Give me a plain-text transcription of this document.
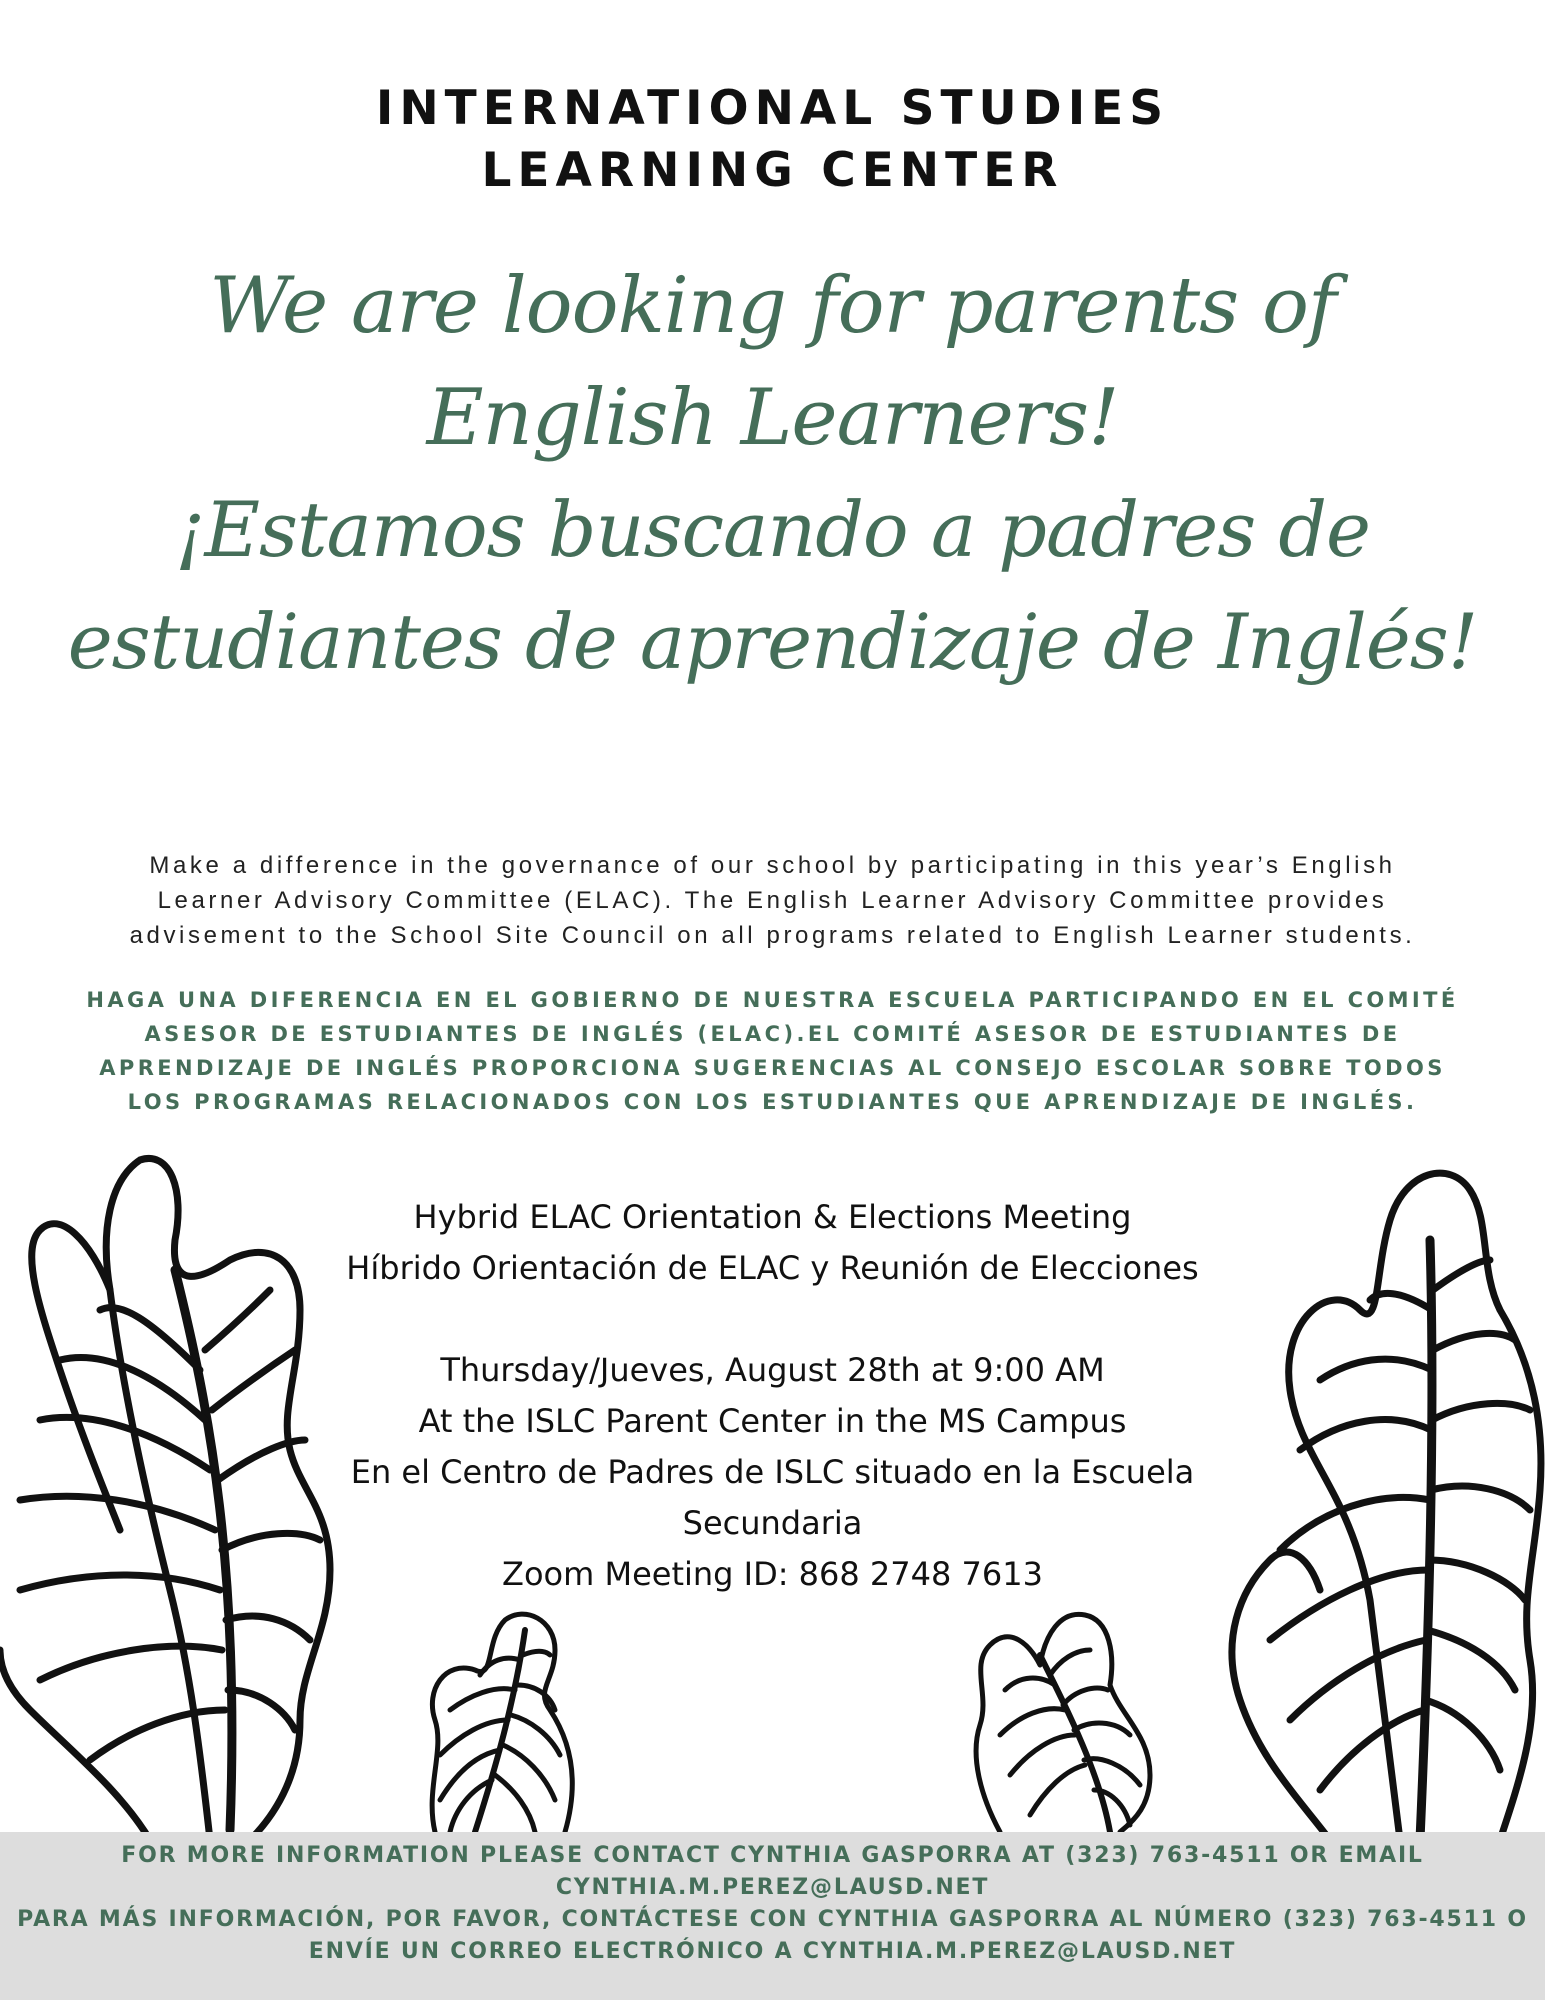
INTERNATIONAL STUDIES
LEARNING CENTER
We are looking for parents of
English Learners!
¡Estamos buscando a padres de
estudiantes de aprendizaje de Inglés!
Make a difference in the governance of our school by participating in this year’s English
Learner Advisory Committee (ELAC). The English Learner Advisory Committee provides
advisement to the School Site Council on all programs related to English Learner students.
HAGA UNA DIFERENCIA EN EL GOBIERNO DE NUESTRA ESCUELA PARTICIPANDO EN EL COMITÉ
ASESOR DE ESTUDIANTES DE INGLÉS (ELAC).EL COMITÉ ASESOR DE ESTUDIANTES DE
APRENDIZAJE DE INGLÉS PROPORCIONA SUGERENCIAS AL CONSEJO ESCOLAR SOBRE TODOS
LOS PROGRAMAS RELACIONADOS CON LOS ESTUDIANTES QUE APRENDIZAJE DE INGLÉS.
Hybrid ELAC Orientation & Elections Meeting
Híbrido Orientación de ELAC y Reunión de Elecciones
Thursday/Jueves, August 28th at 9:00 AM
At the ISLC Parent Center in the MS Campus
En el Centro de Padres de ISLC situado en la Escuela
Secundaria
Zoom Meeting ID: 868 2748 7613
FOR MORE INFORMATION PLEASE CONTACT CYNTHIA GASPORRA AT (323) 763-4511 OR EMAIL
CYNTHIA.M.PEREZ@LAUSD.NET
PARA MÁS INFORMACIÓN, POR FAVOR, CONTÁCTESE CON CYNTHIA GASPORRA AL NÚMERO (323) 763-4511 O
ENVÍE UN CORREO ELECTRÓNICO A CYNTHIA.M.PEREZ@LAUSD.NET
